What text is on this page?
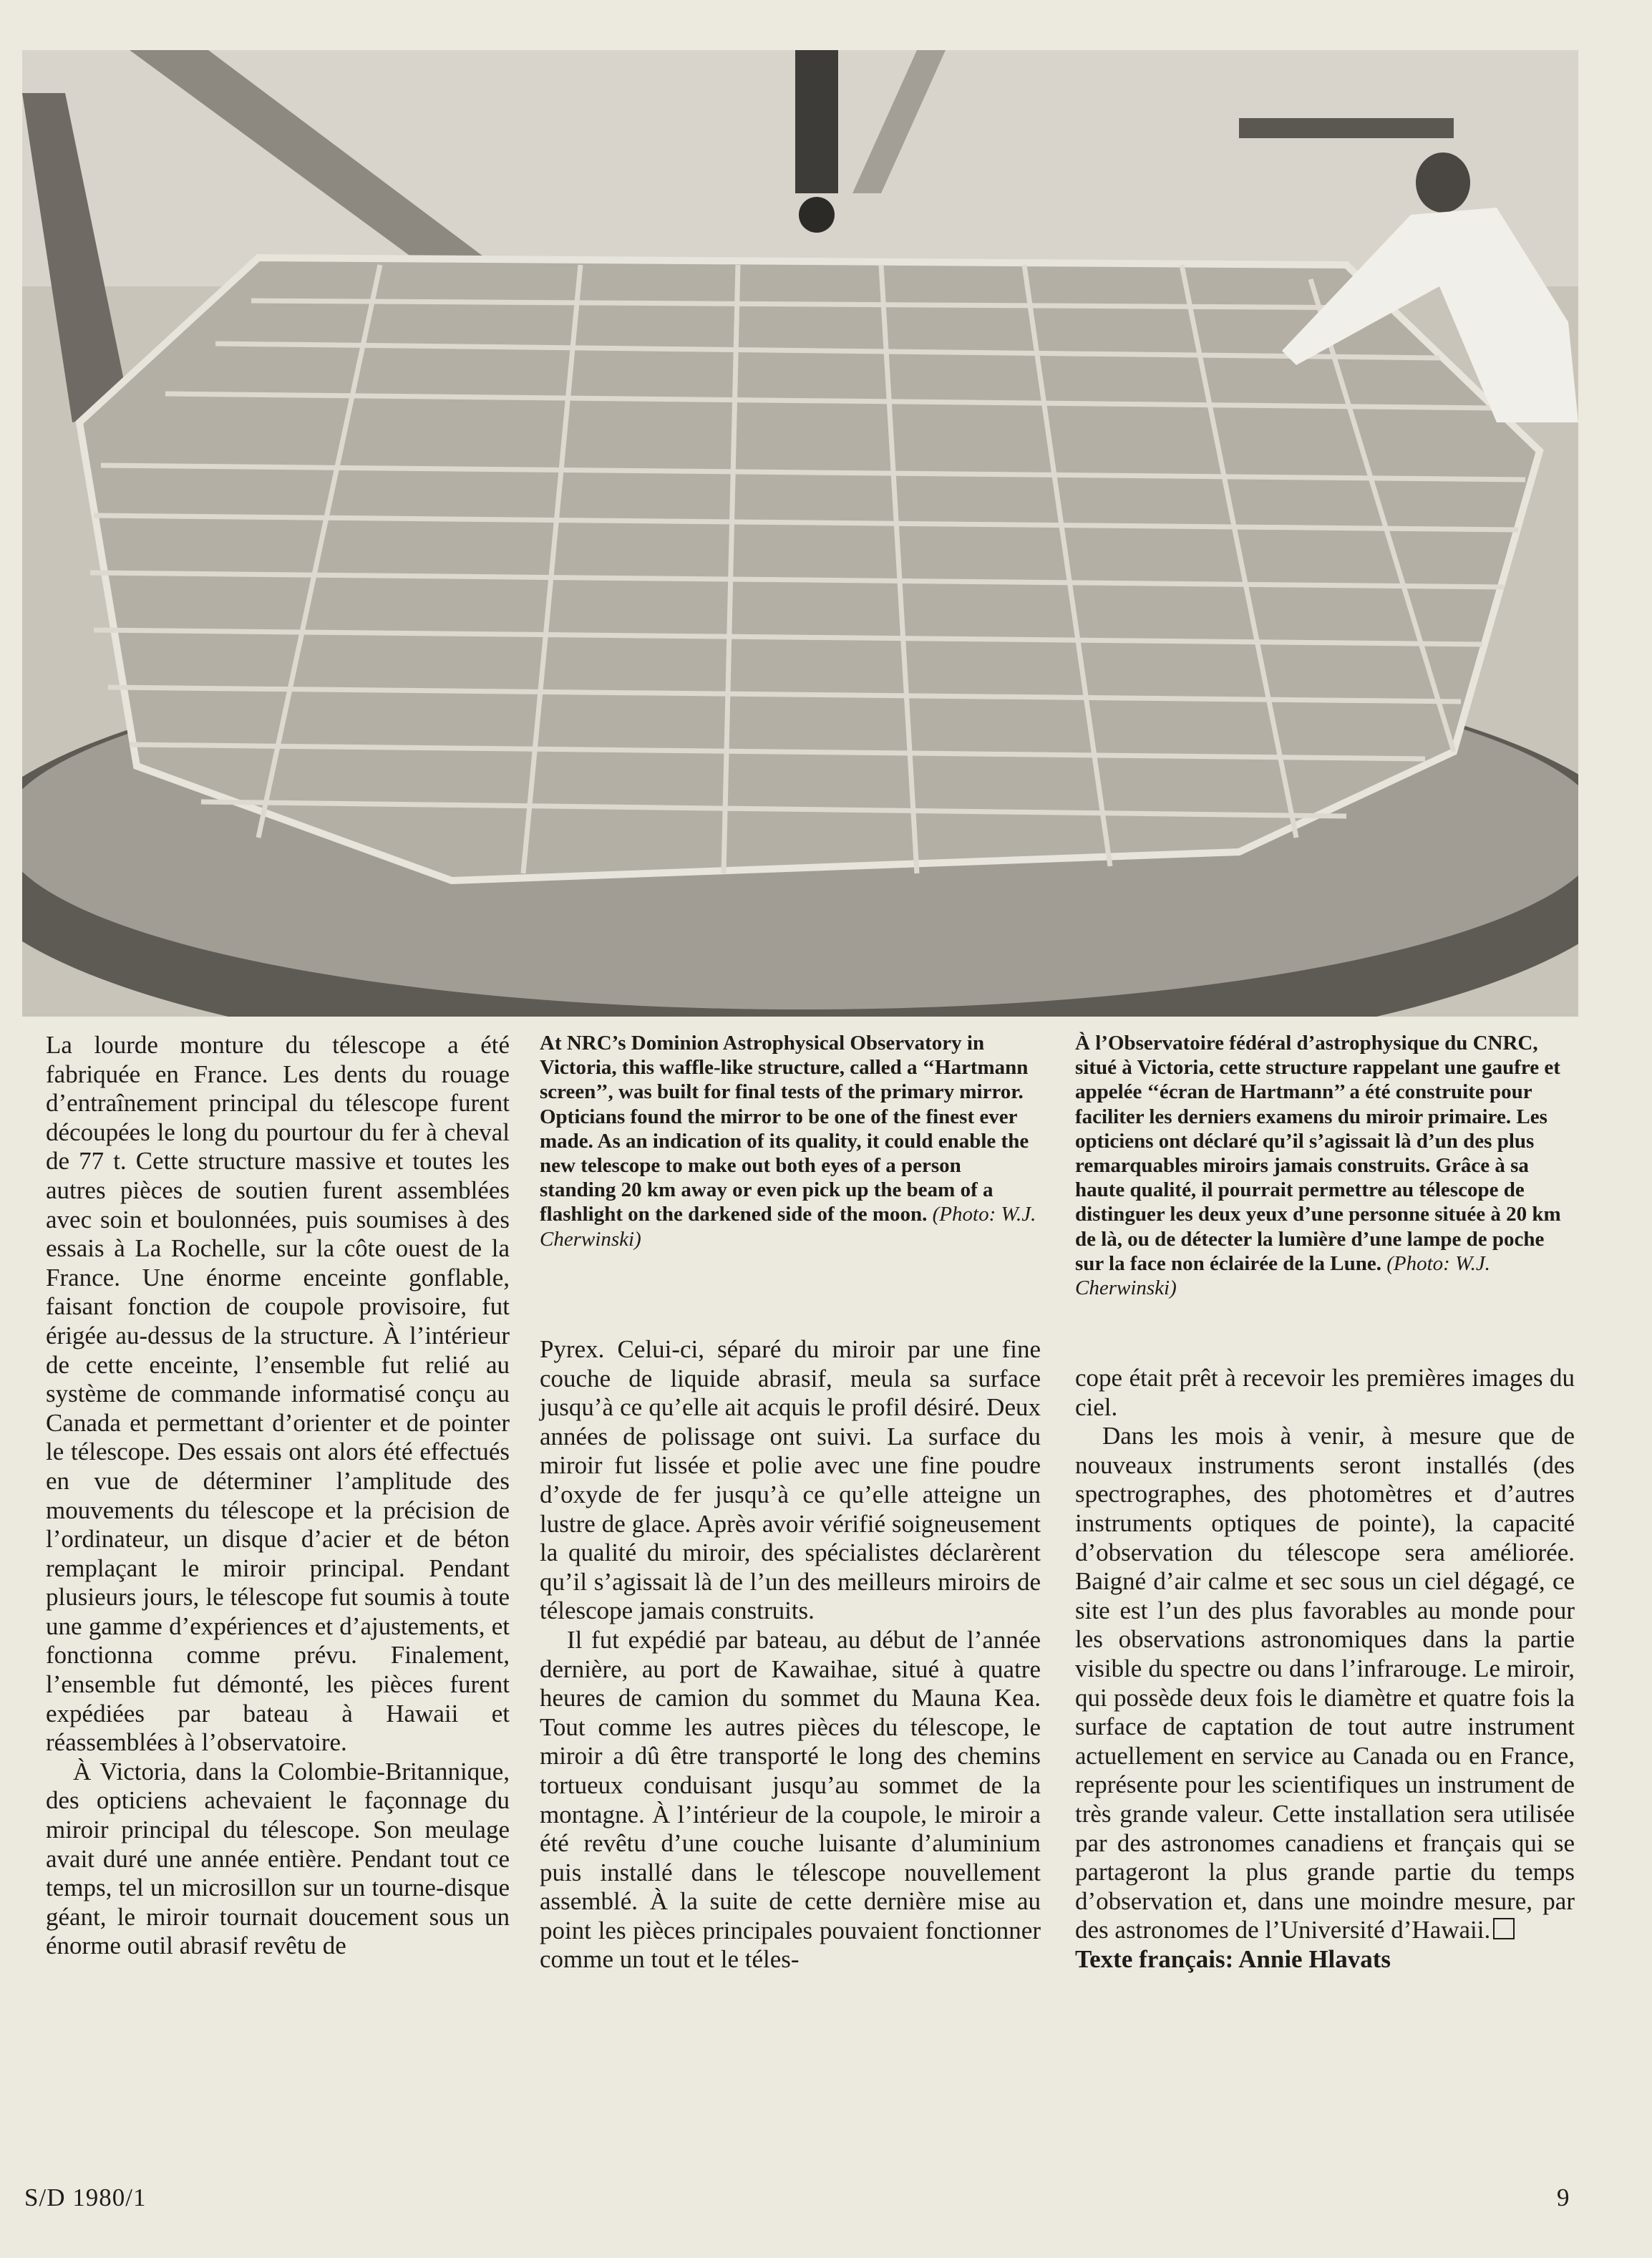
La lourde monture du télescope a été fabriquée en France. Les dents du rouage d’entraînement principal du télescope furent découpées le long du pourtour du fer à cheval de 77 t. Cette structure massive et toutes les autres pièces de soutien furent assemblées avec soin et boulonnées, puis soumises à des essais à La Rochelle, sur la côte ouest de la France. Une énorme enceinte gonflable, faisant fonction de coupole provisoire, fut érigée au-dessus de la structure. À l’intérieur de cette enceinte, l’ensemble fut relié au système de commande informatisé conçu au Canada et permettant d’orienter et de pointer le télescope. Des essais ont alors été effectués en vue de déterminer l’amplitude des mouvements du télescope et la précision de l’ordinateur, un disque d’acier et de béton remplaçant le miroir principal. Pendant plusieurs jours, le télescope fut soumis à toute une gamme d’expériences et d’ajustements, et fonctionna comme prévu. Finalement, l’ensemble fut démonté, les pièces furent expédiées par bateau à Hawaii et réassemblées à l’observatoire.

À Victoria, dans la Colombie-Britannique, des opticiens achevaient le façonnage du miroir principal du télescope. Son meulage avait duré une année entière. Pendant tout ce temps, tel un microsillon sur un tourne-disque géant, le miroir tournait doucement sous un énorme outil abrasif revêtu de

At NRC’s Dominion Astrophysical Observatory in Victoria, this waffle-like structure, called a ‘‘Hartmann screen’’, was built for final tests of the primary mirror. Opticians found the mirror to be one of the finest ever made. As an indication of its quality, it could enable the new telescope to make out both eyes of a person standing 20 km away or even pick up the beam of a flashlight on the darkened side of the moon. (Photo: W.J. Cherwinski)

Pyrex. Celui-ci, séparé du miroir par une fine couche de liquide abrasif, meula sa surface jusqu’à ce qu’elle ait acquis le profil désiré. Deux années de polissage ont suivi. La surface du miroir fut lissée et polie avec une fine poudre d’oxyde de fer jusqu’à ce qu’elle atteigne un lustre de glace. Après avoir vérifié soigneusement la qualité du miroir, des spécialistes déclarèrent qu’il s’agissait là de l’un des meilleurs miroirs de télescope jamais construits.

Il fut expédié par bateau, au début de l’année dernière, au port de Kawaihae, situé à quatre heures de camion du sommet du Mauna Kea. Tout comme les autres pièces du télescope, le miroir a dû être transporté le long des chemins tortueux conduisant jusqu’au sommet de la montagne. À l’intérieur de la coupole, le miroir a été revêtu d’une couche luisante d’aluminium puis installé dans le télescope nouvellement assemblé. À la suite de cette dernière mise au point les pièces principales pouvaient fonctionner comme un tout et le téles-

À l’Observatoire fédéral d’astrophysique du CNRC, situé à Victoria, cette structure rappelant une gaufre et appelée ‘‘écran de Hartmann’’ a été construite pour faciliter les derniers examens du miroir primaire. Les opticiens ont déclaré qu’il s’agissait là d’un des plus remarquables miroirs jamais construits. Grâce à sa haute qualité, il pourrait permettre au télescope de distinguer les deux yeux d’une personne située à 20 km de là, ou de détecter la lumière d’une lampe de poche sur la face non éclairée de la Lune. (Photo: W.J. Cherwinski)

cope était prêt à recevoir les premières images du ciel.

Dans les mois à venir, à mesure que de nouveaux instruments seront installés (des spectrographes, des photomètres et d’autres instruments optiques de pointe), la capacité d’observation du télescope sera améliorée. Baigné d’air calme et sec sous un ciel dégagé, ce site est l’un des plus favorables au monde pour les observations astronomiques dans la partie visible du spectre ou dans l’infrarouge. Le miroir, qui possède deux fois le diamètre et quatre fois la surface de captation de tout autre instrument actuellement en service au Canada ou en France, représente pour les scientifiques un instrument de très grande valeur. Cette installation sera utilisée par des astronomes canadiens et français qui se partageront la plus grande partie du temps d’observation et, dans une moindre mesure, par des astronomes de l’Université d’Hawaii.

Texte français: Annie Hlavats

S/D 1980/1	9
